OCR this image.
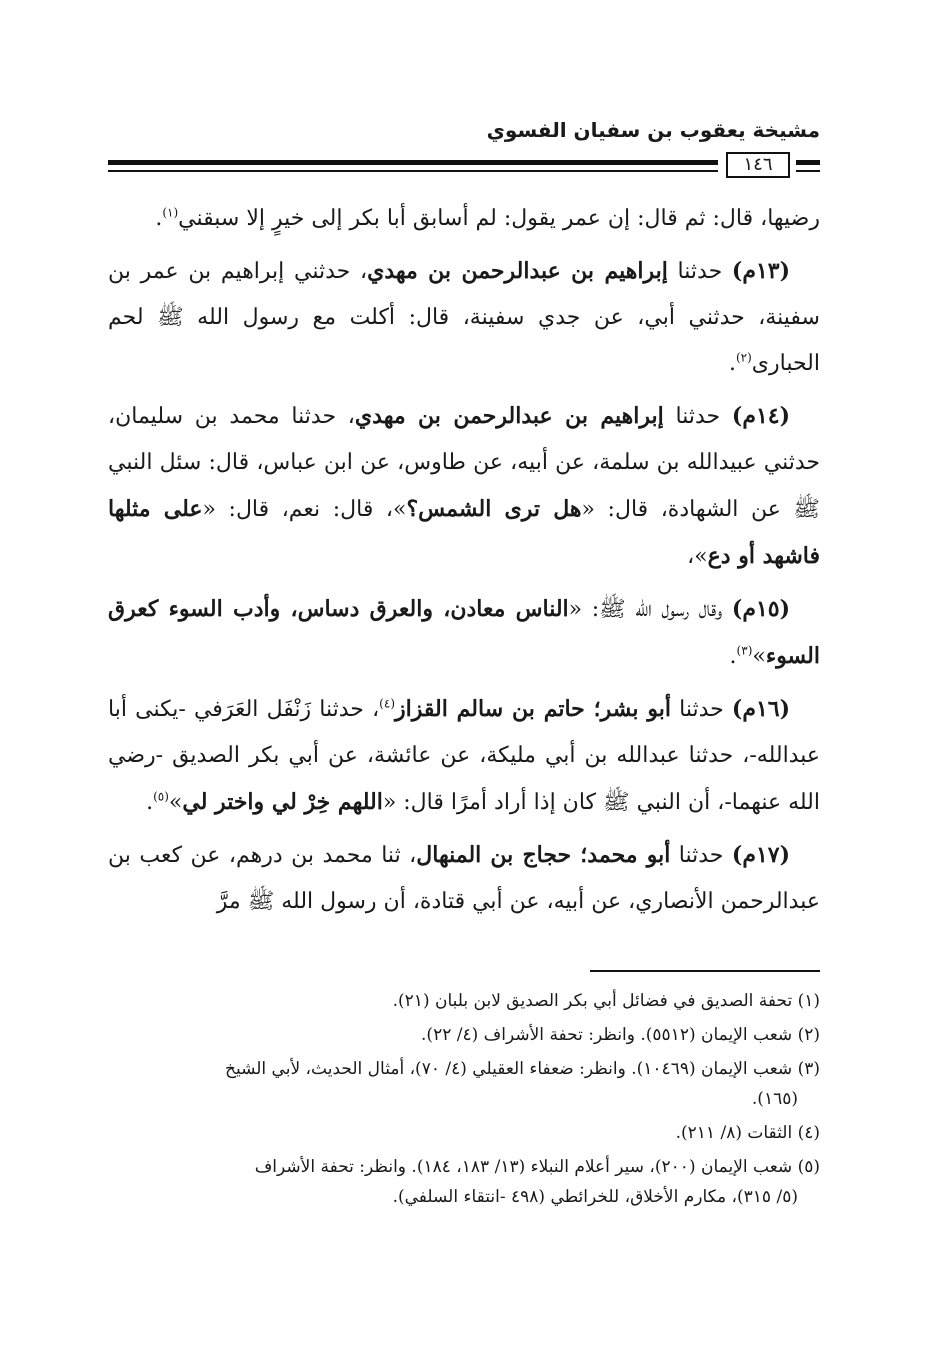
مشيخة يعقوب بن سفيان الفسوي
١٤٦

رضيها، قال: ثم قال: إن عمر يقول: لم أسابق أبا بكر إلى خيرٍ إلا سبقني$^{(١)}$.

(١٣م) حدثنا إبراهيم بن عبدالرحمن بن مهدي، حدثني إبراهيم بن عمر بن سفينة، حدثني أبي، عن جدي سفينة، قال: أكلت مع رسول الله ﷺ لحم الحبارى$^{(٢)}$.

(١٤م) حدثنا إبراهيم بن عبدالرحمن بن مهدي، حدثنا محمد بن سليمان، حدثني عبيدالله بن سلمة، عن أبيه، عن طاوس، عن ابن عباس، قال: سئل النبي ﷺ عن الشهادة، قال: «هل ترى الشمس؟»، قال: نعم، قال: «على مثلها فاشهد أو دع»،

(١٥م) وقال رسول الله ﷺ: «الناس معادن، والعرق دساس، وأدب السوء كعرق السوء»$^{(٣)}$.

(١٦م) حدثنا أبو بشر؛ حاتم بن سالم القزاز$^{(٤)}$، حدثنا زَنْفَل العَرَفي -يكنى أبا عبدالله-، حدثنا عبدالله بن أبي مليكة، عن عائشة، عن أبي بكر الصديق -رضي الله عنهما-، أن النبي ﷺ كان إذا أراد أمرًا قال: «اللهم خِرْ لي واختر لي»$^{(٥)}$.

(١٧م) حدثنا أبو محمد؛ حجاج بن المنهال، ثنا محمد بن درهم، عن كعب بن عبدالرحمن الأنصاري، عن أبيه، عن أبي قتادة، أن رسول الله ﷺ مرَّ

(١) تحفة الصديق في فضائل أبي بكر الصديق لابن بلبان (٢١).
(٢) شعب الإيمان (٥٥١٢). وانظر: تحفة الأشراف (٤/ ٢٢).
(٣) شعب الإيمان (١٠٤٦٩). وانظر: ضعفاء العقيلي (٤/ ٧٠)، أمثال الحديث، لأبي الشيخ
(١٦٥).
(٤) الثقات (٨/ ٢١١).
(٥) شعب الإيمان (٢٠٠)، سير أعلام النبلاء (١٣/ ١٨٣، ١٨٤). وانظر: تحفة الأشراف
(٥/ ٣١٥)، مكارم الأخلاق، للخرائطي (٤٩٨ -انتقاء السلفي).
